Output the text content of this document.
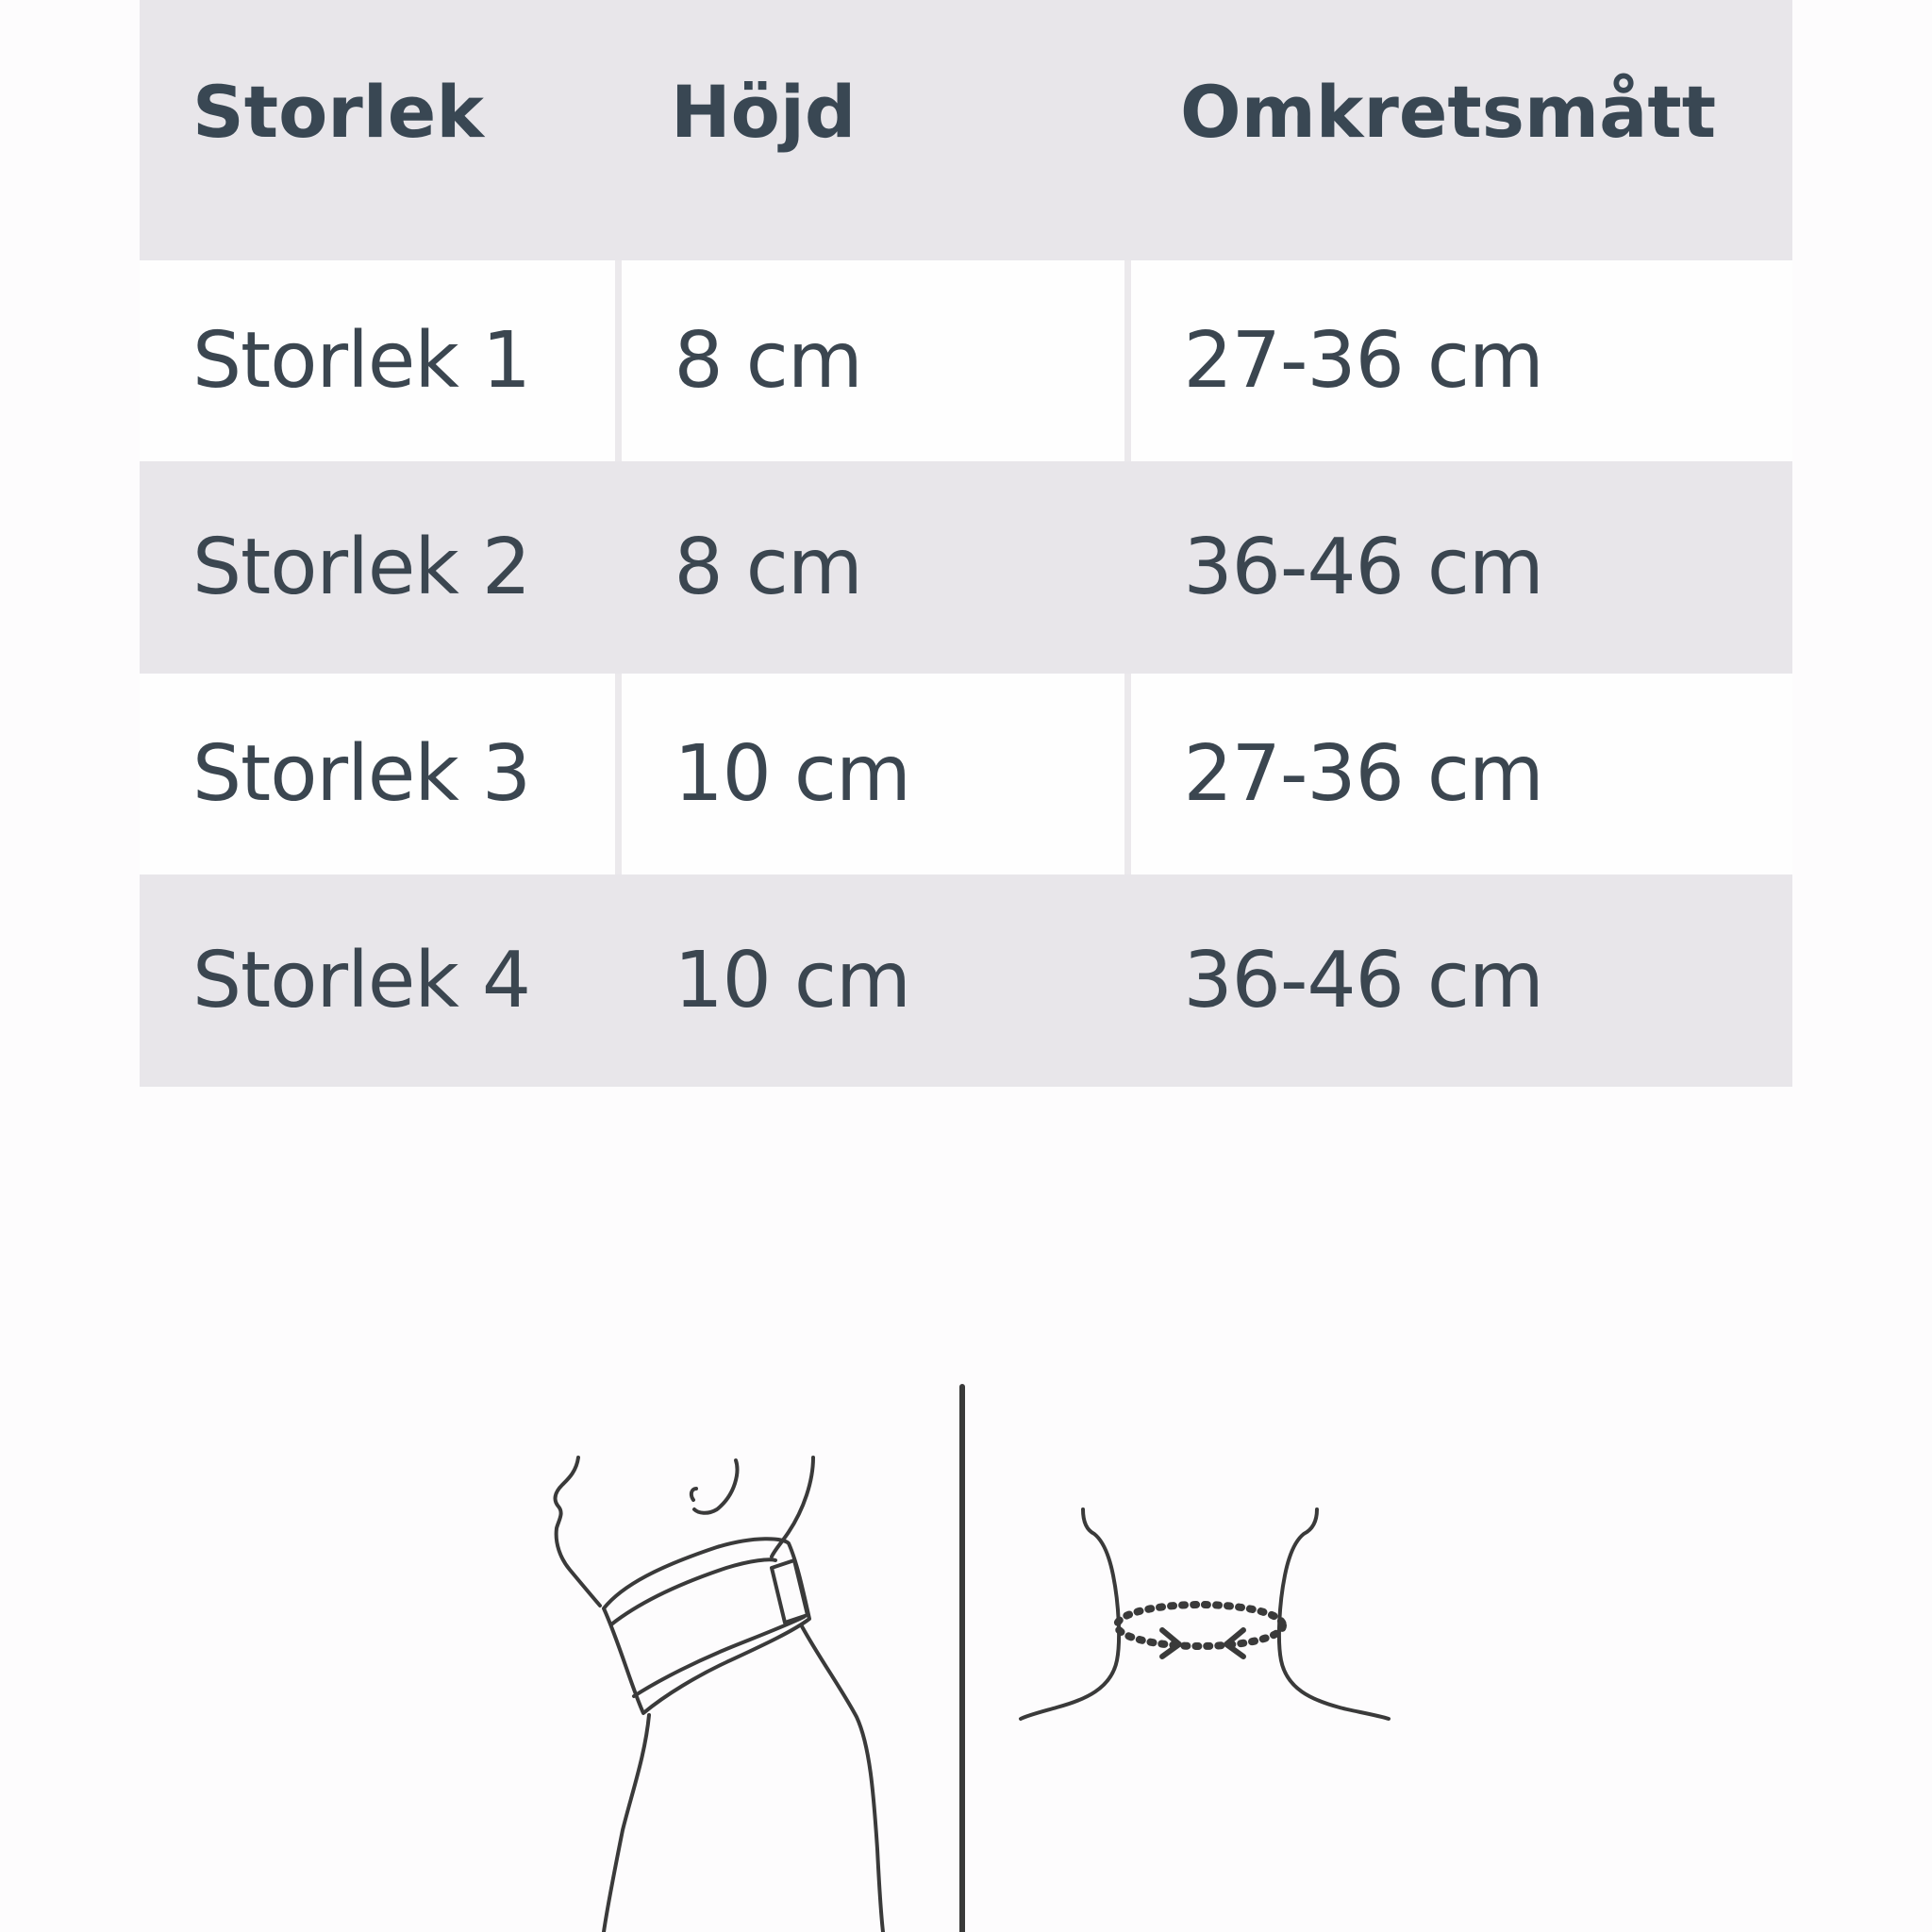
Storlek	Höjd	Omkretsmått
Storlek 1	8 cm	27-36 cm
Storlek 2	8 cm	36-46 cm
Storlek 3	10 cm	27-36 cm
Storlek 4	10 cm	36-46 cm
